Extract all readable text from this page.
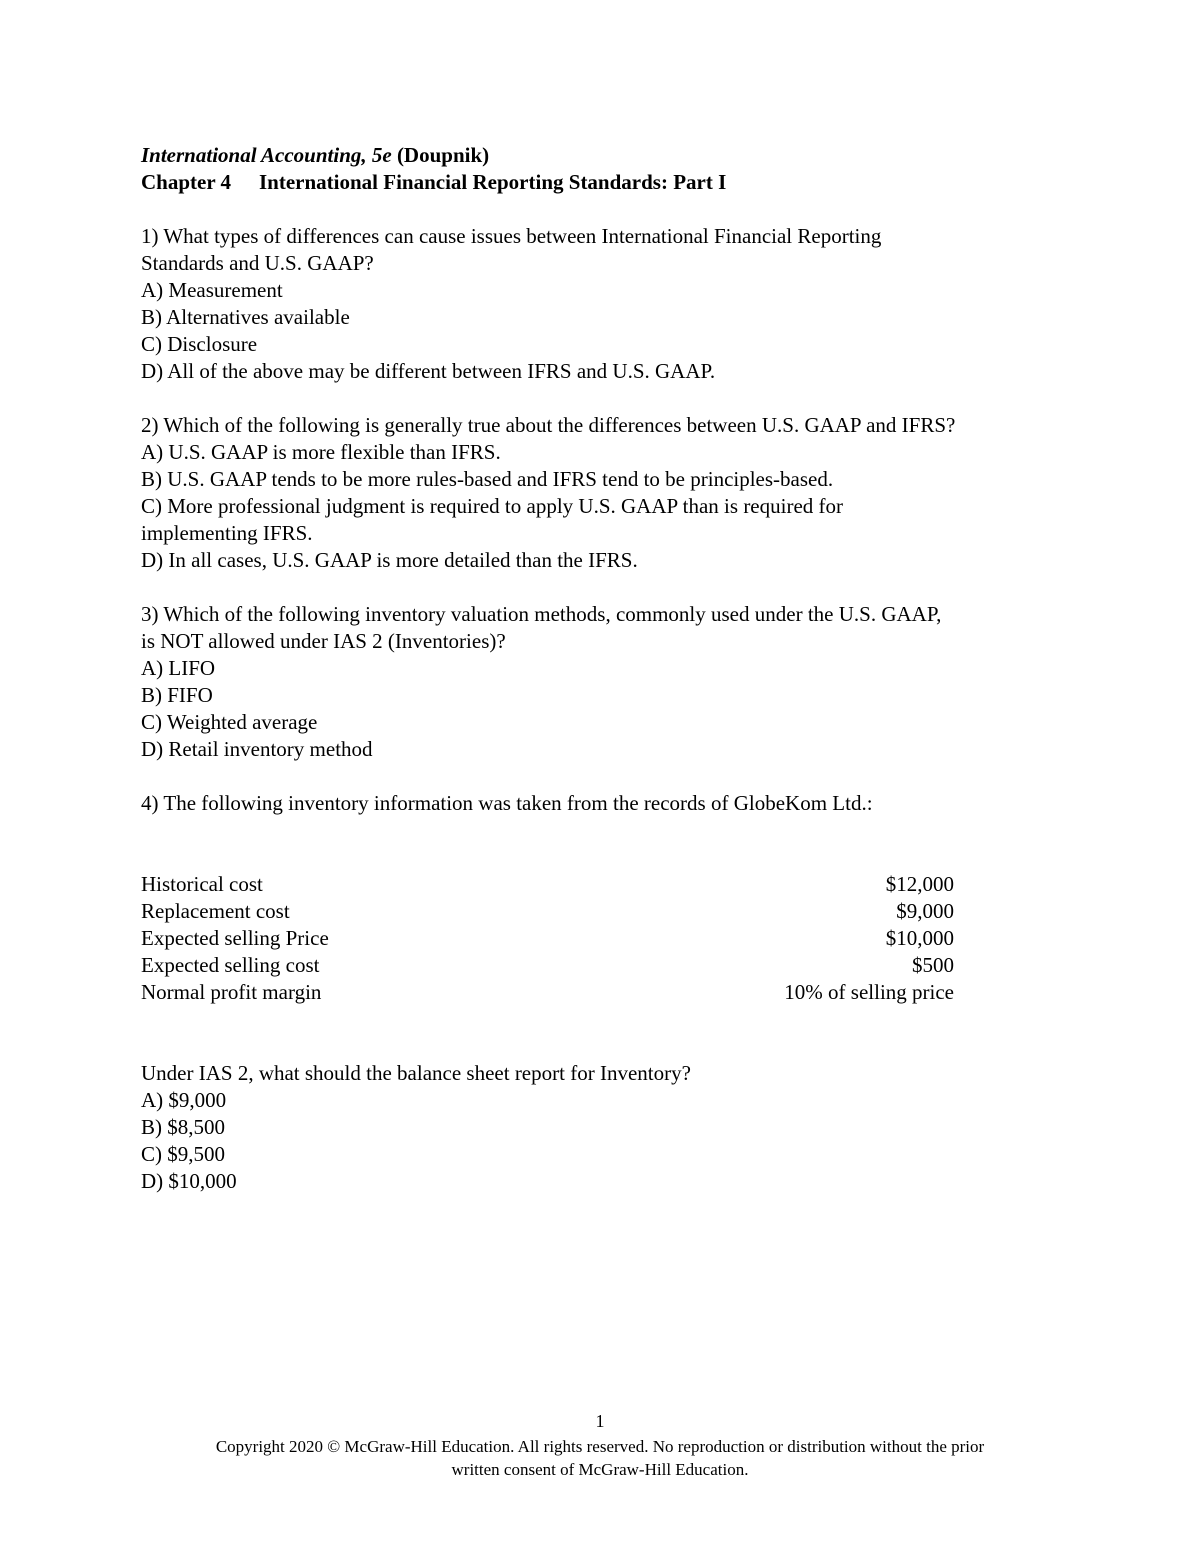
International Accounting, 5e (Doupnik)
Chapter 4 International Financial Reporting Standards: Part I
1) What types of differences can cause issues between International Financial Reporting
Standards and U.S. GAAP?
A) Measurement
B) Alternatives available
C) Disclosure
D) All of the above may be different between IFRS and U.S. GAAP.
2) Which of the following is generally true about the differences between U.S. GAAP and IFRS?
A) U.S. GAAP is more flexible than IFRS.
B) U.S. GAAP tends to be more rules-based and IFRS tend to be principles-based.
C) More professional judgment is required to apply U.S. GAAP than is required for
implementing IFRS.
D) In all cases, U.S. GAAP is more detailed than the IFRS.
3) Which of the following inventory valuation methods, commonly used under the U.S. GAAP,
is NOT allowed under IAS 2 (Inventories)?
A) LIFO
B) FIFO
C) Weighted average
D) Retail inventory method
4) The following inventory information was taken from the records of GlobeKom Ltd.:
Historical cost	$12,000
Replacement cost	$9,000
Expected selling Price	$10,000
Expected selling cost	$500
Normal profit margin	10% of selling price
Under IAS 2, what should the balance sheet report for Inventory?
A) $9,000
B) $8,500
C) $9,500
D) $10,000
1
Copyright 2020 © McGraw-Hill Education. All rights reserved. No reproduction or distribution without the prior
written consent of McGraw-Hill Education.
